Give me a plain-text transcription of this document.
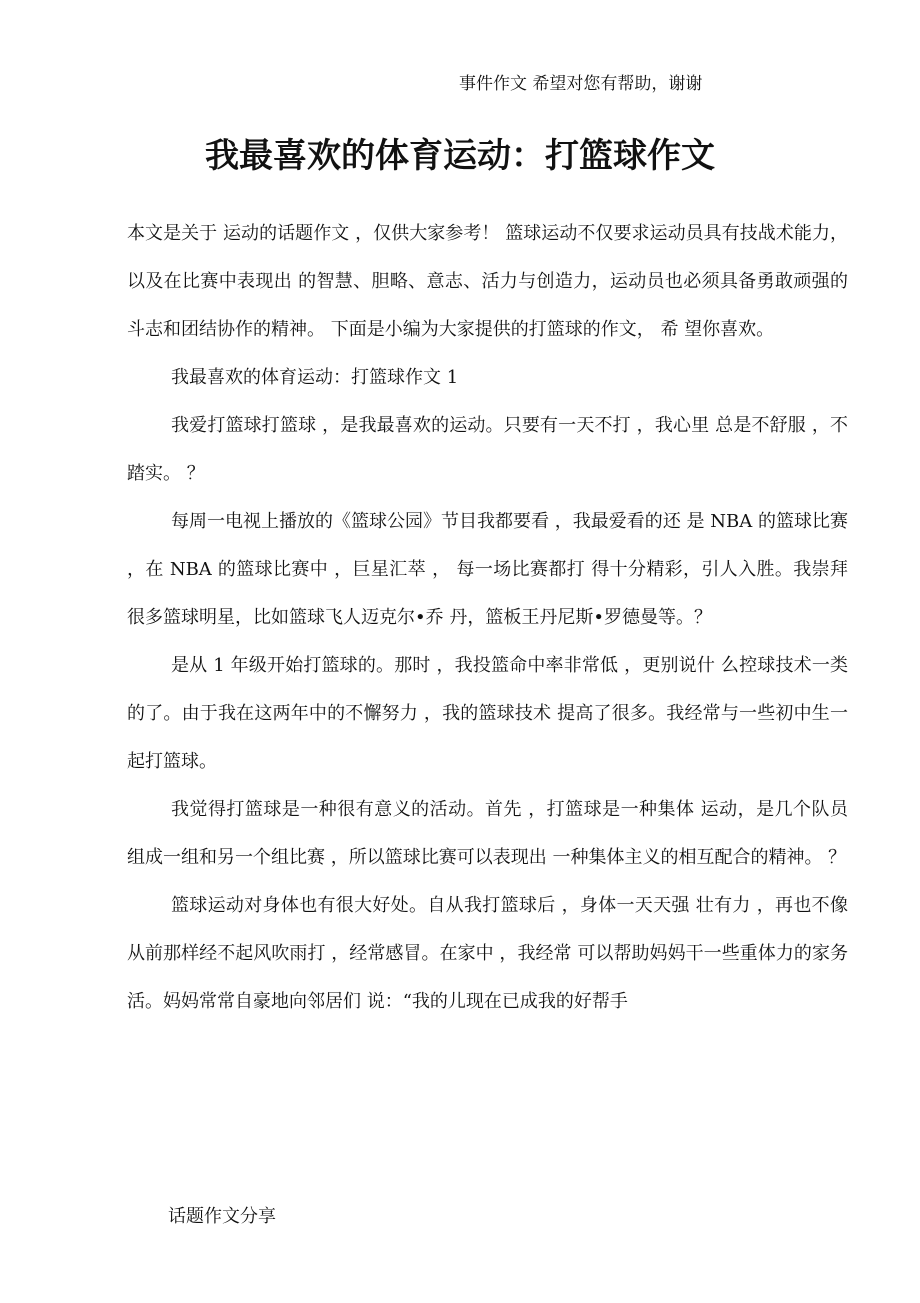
事件作文 希望对您有帮助，谢谢
我最喜欢的体育运动：打篮球作文

本文是关于 运动的话题作文 ，仅供大家参考！ 篮球运动不仅要求运动员具有技战术能力， 以及在比赛中表现出 的智慧、胆略、意志、活力与创造力，运动员也必须具备勇敢顽强的 斗志和团结协作的精神。 下面是小编为大家提供的打篮球的作文， 希 望你喜欢。

我最喜欢的体育运动：打篮球作文 1

我爱打篮球打篮球 ，是我最喜欢的运动。只要有一天不打 ，我心里 总是不舒服 ，不踏实。 ？

每周一电视上播放的《篮球公园》节目我都要看 ，我最爱看的还 是 NBA 的篮球比赛 ，在 NBA 的篮球比赛中 ，巨星汇萃 ， 每一场比赛都打 得十分精彩，引人入胜。我崇拜很多篮球明星，比如篮球飞人迈克尔•乔 丹，篮板王丹尼斯•罗德曼等。？

是从 1 年级开始打篮球的。那时 ，我投篮命中率非常低 ，更别说什 么控球技术一类的了。由于我在这两年中的不懈努力 ，我的篮球技术 提高了很多。我经常与一些初中生一起打篮球。

我觉得打篮球是一种很有意义的活动。首先 ，打篮球是一种集体 运动，是几个队员组成一组和另一个组比赛 ，所以篮球比赛可以表现出 一种集体主义的相互配合的精神。 ？

篮球运动对身体也有很大好处。自从我打篮球后 ，身体一天天强 壮有力 ，再也不像从前那样经不起风吹雨打 ，经常感冒。在家中 ，我经常 可以帮助妈妈干一些重体力的家务活。妈妈常常自豪地向邻居们 说：“我的儿现在已成我的好帮手

话题作文分享
